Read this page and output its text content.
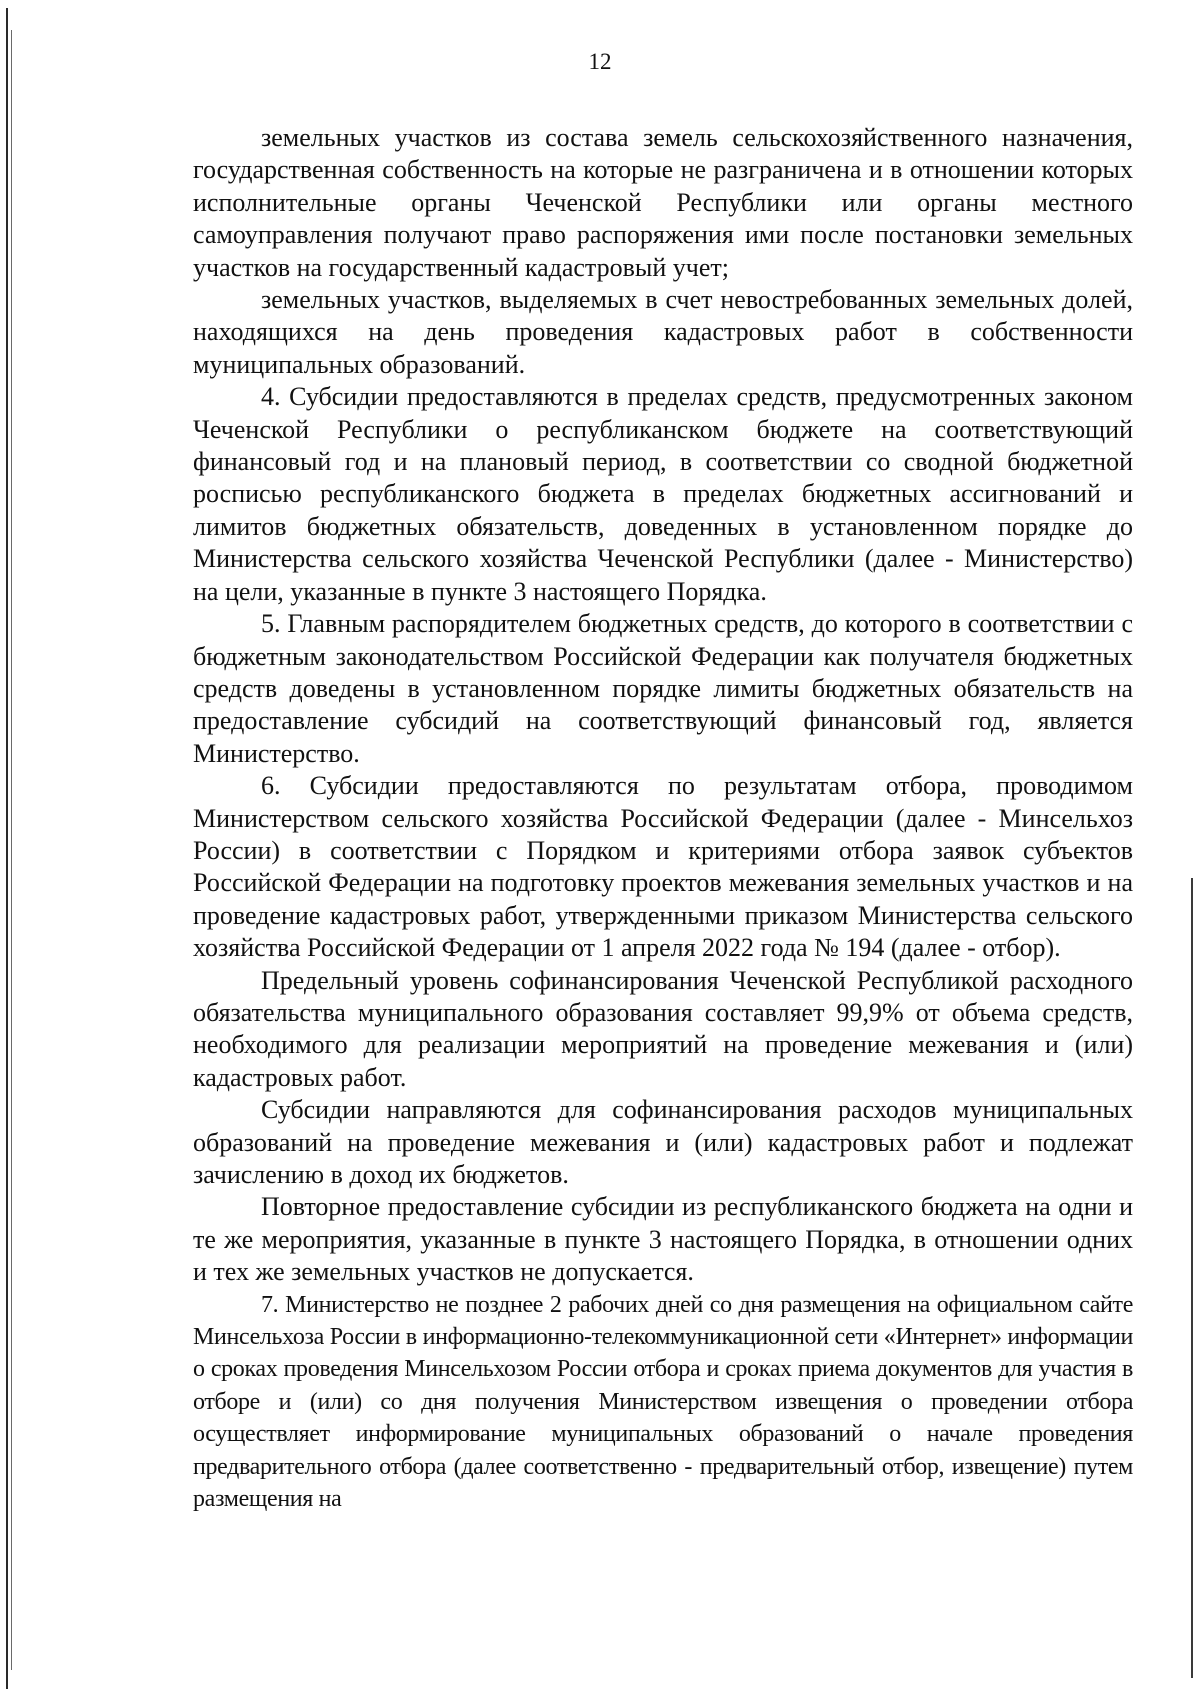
12

земельных участков из состава земель сельскохозяйственного назначения, государственная собственность на которые не разграничена и в отношении которых исполнительные органы Чеченской Республики или органы местного самоуправления получают право распоряжения ими после постановки земельных участков на государственный кадастровый учет;

земельных участков, выделяемых в счет невостребованных земельных долей, находящихся на день проведения кадастровых работ в собственности муниципальных образований.

4. Субсидии предоставляются в пределах средств, предусмотренных законом Чеченской Республики о республиканском бюджете на соответствующий финансовый год и на плановый период, в соответствии со сводной бюджетной росписью республиканского бюджета в пределах бюджетных ассигнований и лимитов бюджетных обязательств, доведенных в установленном порядке до Министерства сельского хозяйства Чеченской Республики (далее - Министерство) на цели, указанные в пункте 3 настоящего Порядка.

5. Главным распорядителем бюджетных средств, до которого в соответствии с бюджетным законодательством Российской Федерации как получателя бюджетных средств доведены в установленном порядке лимиты бюджетных обязательств на предоставление субсидий на соответствующий финансовый год, является Министерство.

6. Субсидии предоставляются по результатам отбора, проводимом Министерством сельского хозяйства Российской Федерации (далее - Минсельхоз России) в соответствии с Порядком и критериями отбора заявок субъектов Российской Федерации на подготовку проектов межевания земельных участков и на проведение кадастровых работ, утвержденными приказом Министерства сельского хозяйства Российской Федерации от 1 апреля 2022 года № 194 (далее - отбор).

Предельный уровень софинансирования Чеченской Республикой расходного обязательства муниципального образования составляет 99,9% от объема средств, необходимого для реализации мероприятий на проведение межевания и (или) кадастровых работ.

Субсидии направляются для софинансирования расходов муниципальных образований на проведение межевания и (или) кадастровых работ и подлежат зачислению в доход их бюджетов.

Повторное предоставление субсидии из республиканского бюджета на одни и те же мероприятия, указанные в пункте 3 настоящего Порядка, в отношении одних и тех же земельных участков не допускается.

7. Министерство не позднее 2 рабочих дней со дня размещения на официальном сайте Минсельхоза России в информационно-телекоммуникационной сети «Интернет» информации о сроках проведения Минсельхозом России отбора и сроках приема документов для участия в отборе и (или) со дня получения Министерством извещения о проведении отбора осуществляет информирование муниципальных образований о начале проведения предварительного отбора (далее соответственно - предварительный отбор, извещение) путем размещения на
